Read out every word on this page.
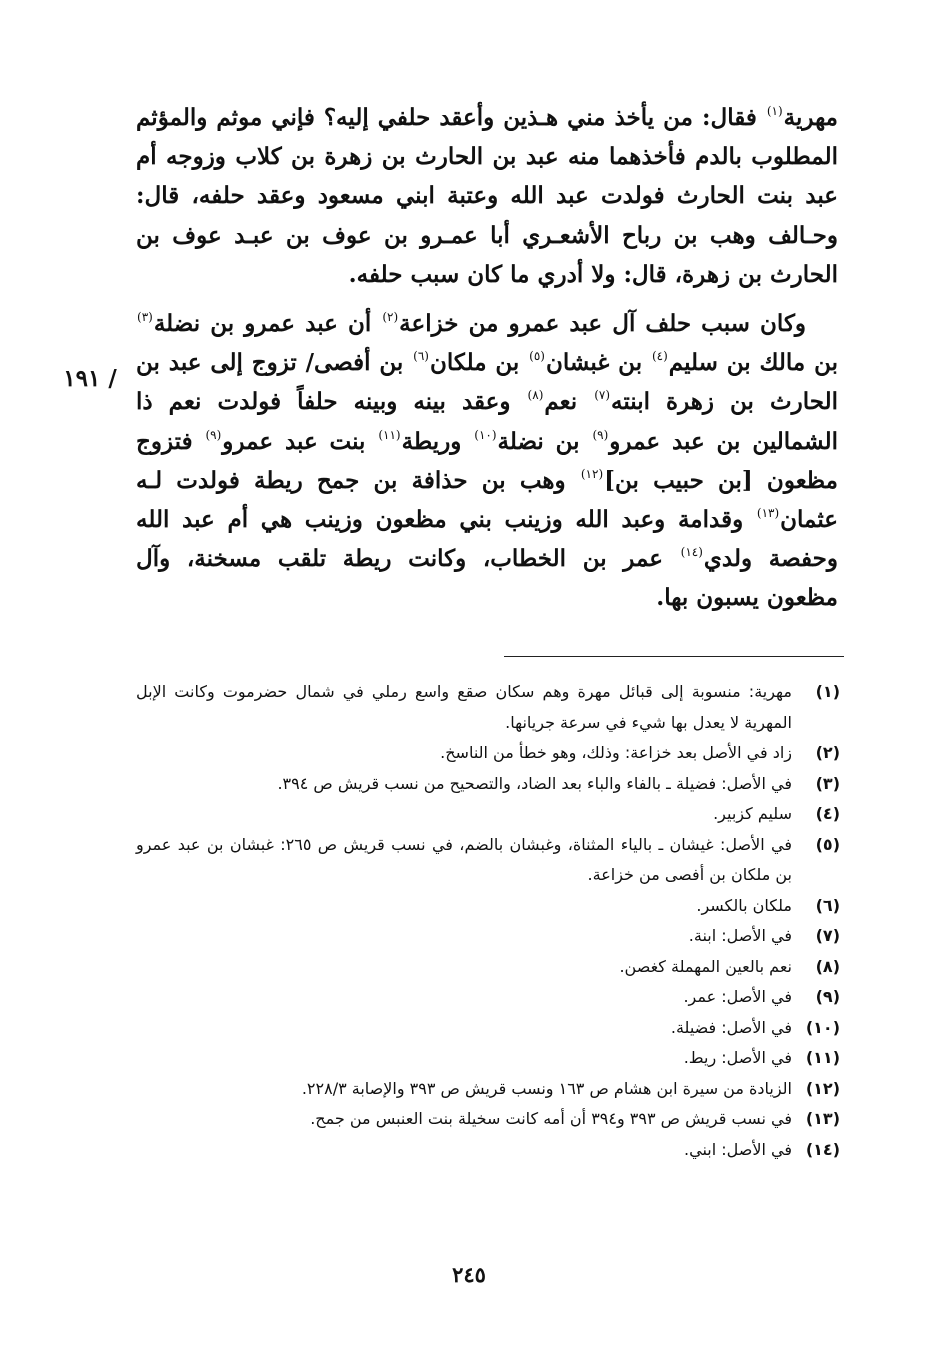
مهرية$^{(١)}$ فقال: من يأخذ مني هـذين وأعقد حلفي إليه؟ فإني موثم والمؤثم المطلوب بالدم فأخذهما منه عبد بن الحارث بن زهرة بن كلاب وزوجه أم عبد بنت الحارث فولدت عبد الله وعتبة ابني مسعود وعقد حلفه، قال: وحـالف وهب بن رباح الأشعـري أبا عمـرو بن عوف بن عبـد عوف بن الحارث بن زهرة، قال: ولا أدري ما كان سبب حلفه.

وكان سبب حلف آل عبد عمرو من خزاعة$^{(٢)}$ أن عبد عمرو بن نضلة$^{(٣)}$ بن مالك بن سليم$^{(٤)}$ بن غبشان$^{(٥)}$ بن ملكان$^{(٦)}$ بن أفصى/ تزوج إلى عبد بن الحارث بن زهرة ابنته$^{(٧)}$ نعم$^{(٨)}$ وعقد بينه وبينه حلفاً فولدت نعم ذا الشمالين بن عبد عمرو$^{(٩)}$ بن نضلة$^{(١٠)}$ وريطة$^{(١١)}$ بنت عبد عمرو$^{(٩)}$ فتزوج مظعون [بن حبيب بن]$^{(١٢)}$ وهب بن حذافة بن جمح ريطة فولدت لـه عثمان$^{(١٣)}$ وقدامة وعبد الله وزينب بني مظعون وزينب هي أم عبد الله وحفصة ولدي$^{(١٤)}$ عمر بن الخطاب، وكانت ريطة تلقب مسخنة، وآل مظعون يسبون بها.

/ ١٩١
(١)
مهرية: منسوبة إلى قبائل مهرة وهم سكان صقع واسع رملي في شمال حضرموت وكانت الإبل المهرية لا يعدل بها شيء في سرعة جريانها.
(٢)
زاد في الأصل بعد خزاعة: وذلك، وهو خطأ من الناسخ.
(٣)
في الأصل: فضيلة ـ بالفاء والباء بعد الضاد، والتصحيح من نسب قريش ص ٣٩٤.
(٤)
سليم كزبير.
(٥)
في الأصل: غيشان ـ بالياء المثناة، وغبشان بالضم، في نسب قريش ص ٢٦٥: غبشان بن عبد عمرو بن ملكان بن أفصى من خزاعة.
(٦)
ملكان بالكسر.
(٧)
في الأصل: ابنة.
(٨)
نعم بالعين المهملة كغصن.
(٩)
في الأصل: عمر.
(١٠)
في الأصل: فضيلة.
(١١)
في الأصل: ريط.
(١٢)
الزيادة من سيرة ابن هشام ص ١٦٣ ونسب قريش ص ٣٩٣ والإصابة ٢٢٨/٣.
(١٣)
في نسب قريش ص ٣٩٣ و٣٩٤ أن أمه كانت سخيلة بنت العنبس من جمح.
(١٤)
في الأصل: ابني.
٢٤٥
